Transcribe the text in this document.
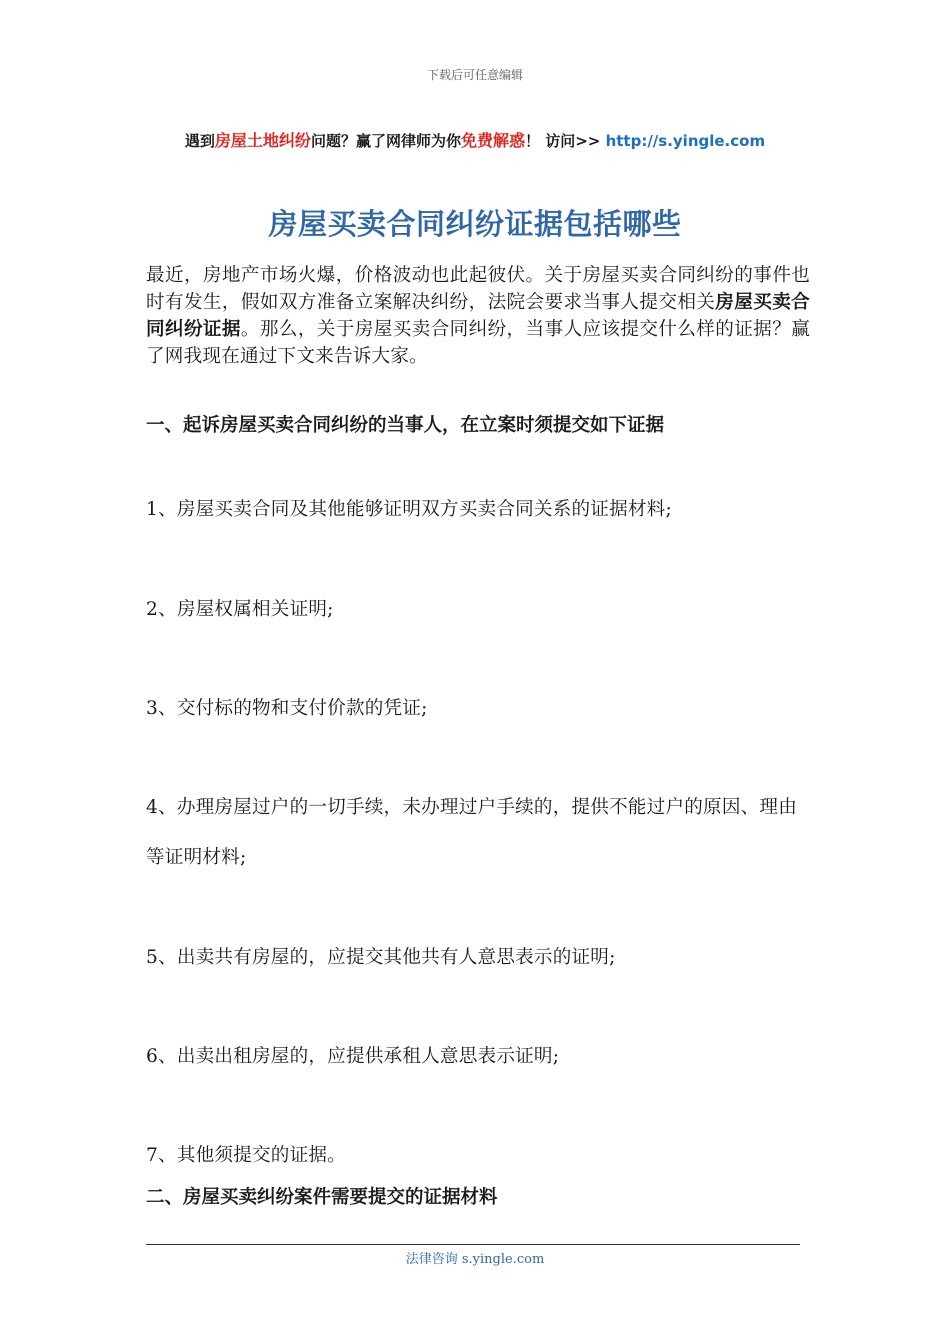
下载后可任意编辑
遇到房屋土地纠纷问题？赢了网律师为你免费解惑！ 访问>> http://s.yingle.com
房屋买卖合同纠纷证据包括哪些
最近，房地产市场火爆，价格波动也此起彼伏。关于房屋买卖合同纠纷的事件也时有发生，假如双方准备立案解决纠纷，法院会要求当事人提交相关房屋买卖合同纠纷证据。那么，关于房屋买卖合同纠纷，当事人应该提交什么样的证据？赢了网我现在通过下文来告诉大家。
一、起诉房屋买卖合同纠纷的当事人，在立案时须提交如下证据
1、房屋买卖合同及其他能够证明双方买卖合同关系的证据材料;
2、房屋权属相关证明;
3、交付标的物和支付价款的凭证;
4、办理房屋过户的一切手续，未办理过户手续的，提供不能过户的原因、理由等证明材料;
5、出卖共有房屋的，应提交其他共有人意思表示的证明;
6、出卖出租房屋的，应提供承租人意思表示证明;
7、其他须提交的证据。
二、房屋买卖纠纷案件需要提交的证据材料
法律咨询 s.yingle.com
